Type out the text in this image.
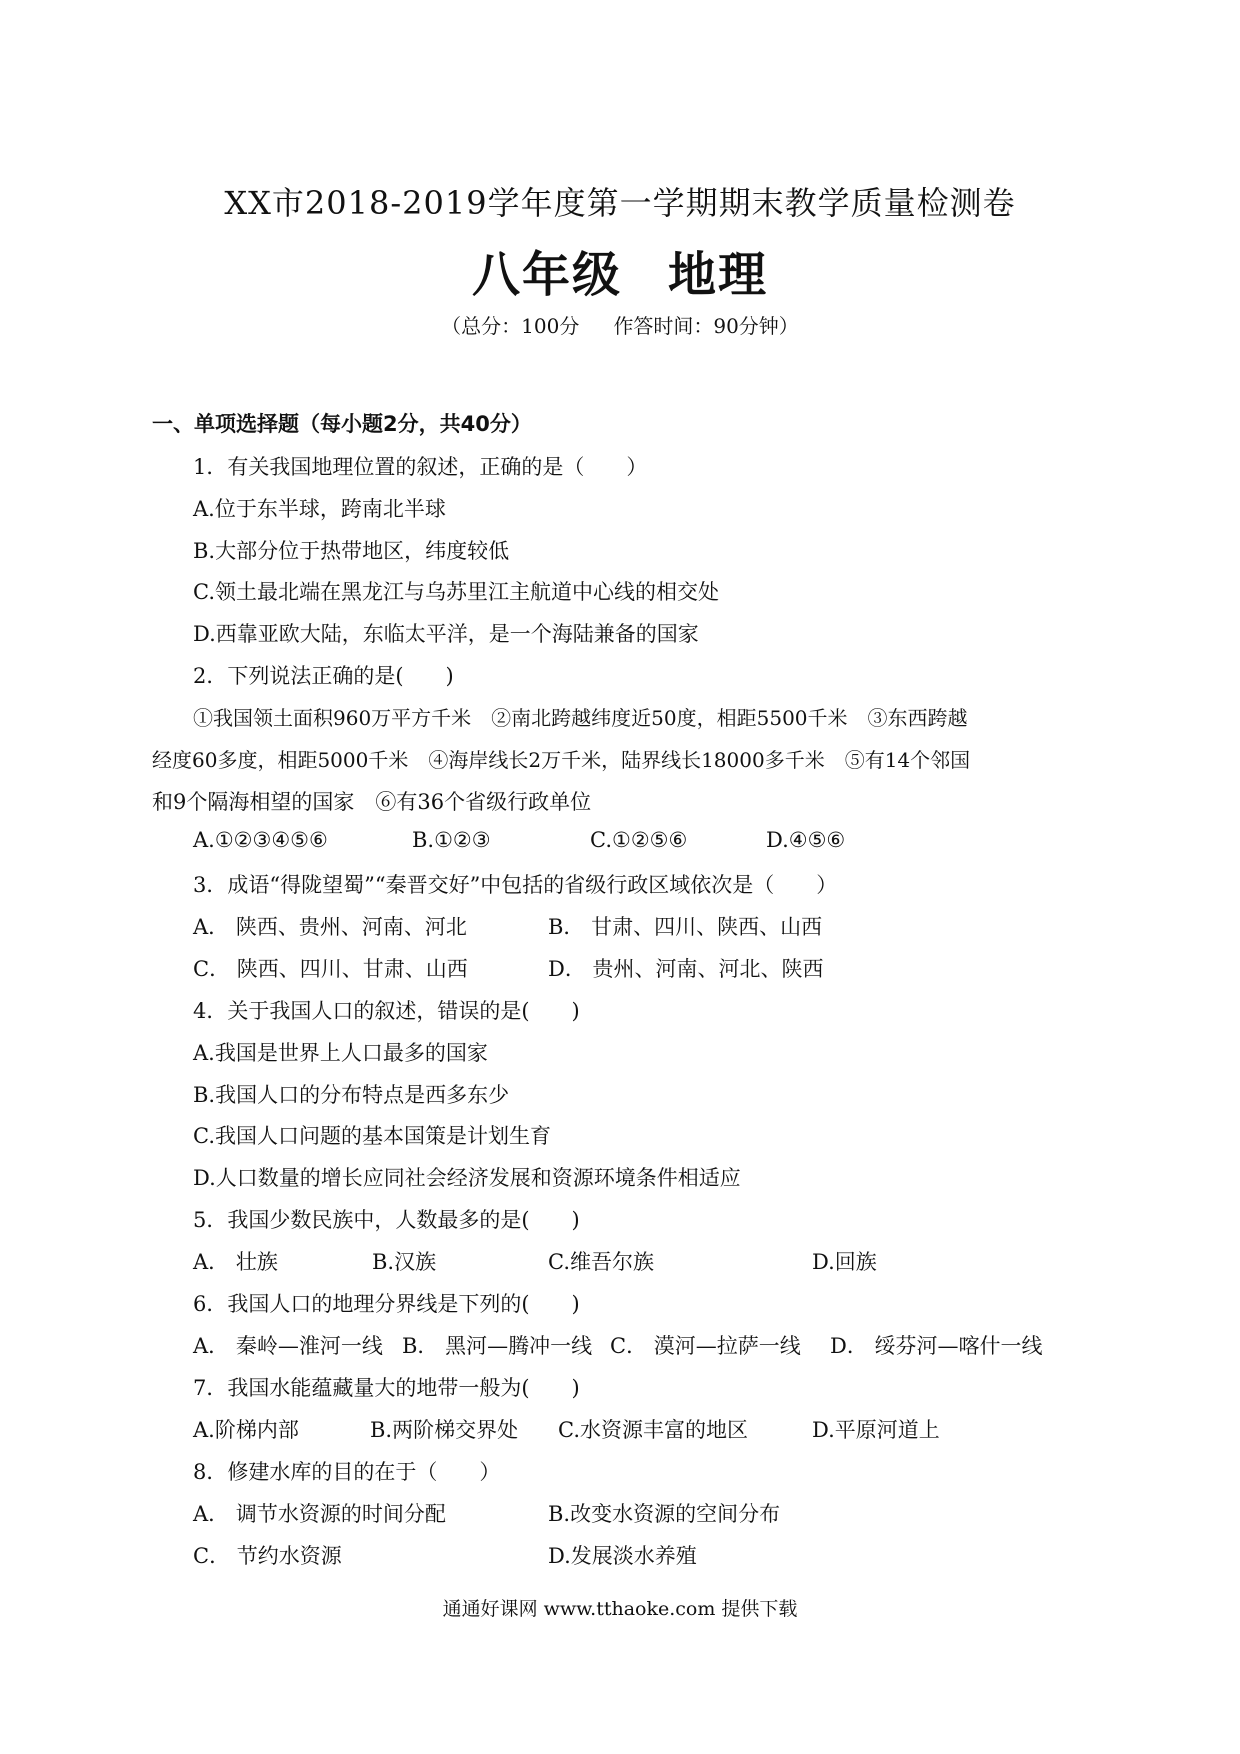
XX市2018-2019学年度第一学期期末教学质量检测卷
八年级 地理
（总分：100分 作答时间：90分钟）
一、单项选择题（每小题2分，共40分）
1．有关我国地理位置的叙述，正确的是（　　）
A.位于东半球，跨南北半球
B.大部分位于热带地区，纬度较低
C.领土最北端在黑龙江与乌苏里江主航道中心线的相交处
D.西靠亚欧大陆，东临太平洋，是一个海陆兼备的国家
2．下列说法正确的是(　　)
①我国领土面积960万平方千米　②南北跨越纬度近50度，相距5500千米　③东西跨越
经度60多度，相距5000千米　④海岸线长2万千米，陆界线长18000多千米　⑤有14个邻国
和9个隔海相望的国家　⑥有36个省级行政单位
A.①②③④⑤⑥	B.①②③	C.①②⑤⑥	D.④⑤⑥
3．成语“得陇望蜀”“秦晋交好”中包括的省级行政区域依次是（　　）
A． 陕西、贵州、河南、河北	B． 甘肃、四川、陕西、山西
C． 陕西、四川、甘肃、山西	D． 贵州、河南、河北、陕西
4．关于我国人口的叙述，错误的是(　　)
A.我国是世界上人口最多的国家
B.我国人口的分布特点是西多东少
C.我国人口问题的基本国策是计划生育
D.人口数量的增长应同社会经济发展和资源环境条件相适应
5．我国少数民族中，人数最多的是(　　)
A． 壮族	B.汉族	C.维吾尔族	D.回族
6．我国人口的地理分界线是下列的(　　)
A． 秦岭—淮河一线 B． 黑河—腾冲一线 C． 漠河—拉萨一线 D． 绥芬河—喀什一线
7．我国水能蕴藏量大的地带一般为(　　)
A.阶梯内部	B.两阶梯交界处 C.水资源丰富的地区	D.平原河道上
8．修建水库的目的在于（　　）
A． 调节水资源的时间分配	B.改变水资源的空间分布
C． 节约水资源	D.发展淡水养殖
通通好课网 www.tthaoke.com 提供下载
